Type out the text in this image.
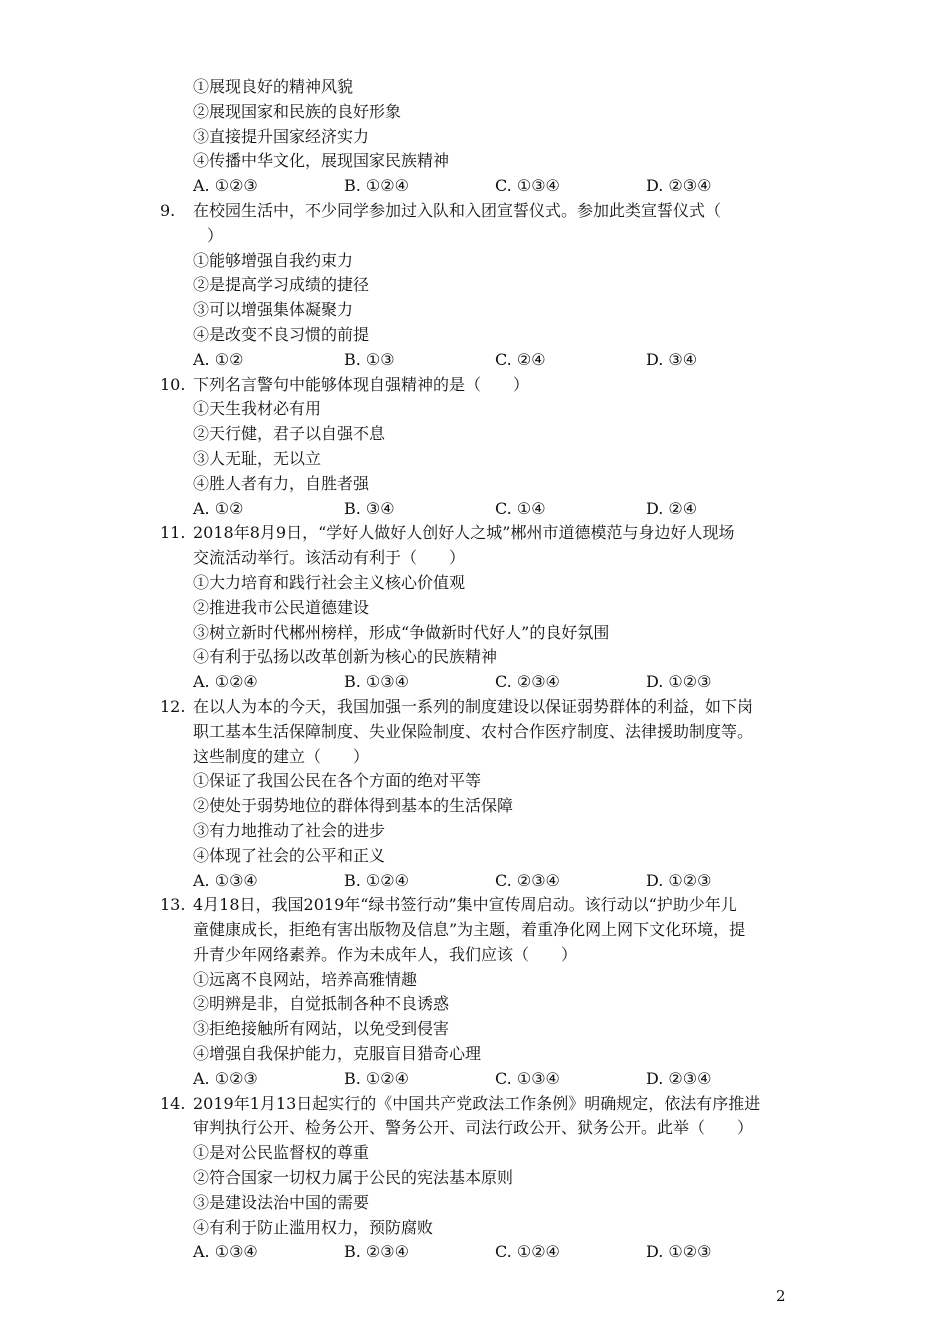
①展现良好的精神风貌
②展现国家和民族的良好形象
③直接提升国家经济实力
④传播中华文化，展现国家民族精神
A. ①②③	B. ①②④	C. ①③④	D. ②③④
9. 在校园生活中，不少同学参加过入队和入团宣誓仪式。参加此类宣誓仪式（
）
①能够增强自我约束力
②是提高学习成绩的捷径
③可以增强集体凝聚力
④是改变不良习惯的前提
A. ①②	B. ①③	C. ②④	D. ③④
10. 下列名言警句中能够体现自强精神的是（　　）
①天生我材必有用
②天行健，君子以自强不息
③人无耻，无以立
④胜人者有力，自胜者强
A. ①②	B. ③④	C. ①④	D. ②④
11. 2018年8月9日，“学好人做好人创好人之城”郴州市道德模范与身边好人现场
交流活动举行。该活动有利于（　　）
①大力培育和践行社会主义核心价值观
②推进我市公民道德建设
③树立新时代郴州榜样，形成“争做新时代好人”的良好氛围
④有利于弘扬以改革创新为核心的民族精神
A. ①②④	B. ①③④	C. ②③④	D. ①②③
12. 在以人为本的今天，我国加强一系列的制度建设以保证弱势群体的利益，如下岗
职工基本生活保障制度、失业保险制度、农村合作医疗制度、法律援助制度等。
这些制度的建立（　　）
①保证了我国公民在各个方面的绝对平等
②使处于弱势地位的群体得到基本的生活保障
③有力地推动了社会的进步
④体现了社会的公平和正义
A. ①③④	B. ①②④	C. ②③④	D. ①②③
13. 4月18日，我国2019年“绿书签行动”集中宣传周启动。该行动以“护助少年儿
童健康成长，拒绝有害出版物及信息”为主题，着重净化网上网下文化环境，提
升青少年网络素养。作为未成年人，我们应该（　　）
①远离不良网站，培养高雅情趣
②明辨是非，自觉抵制各种不良诱惑
③拒绝接触所有网站，以免受到侵害
④增强自我保护能力，克服盲目猎奇心理
A. ①②③	B. ①②④	C. ①③④	D. ②③④
14. 2019年1月13日起实行的《中国共产党政法工作条例》明确规定，依法有序推进
审判执行公开、检务公开、警务公开、司法行政公开、狱务公开。此举（　　）
①是对公民监督权的尊重
②符合国家一切权力属于公民的宪法基本原则
③是建设法治中国的需要
④有利于防止滥用权力，预防腐败
A. ①③④	B. ②③④	C. ①②④	D. ①②③
2
